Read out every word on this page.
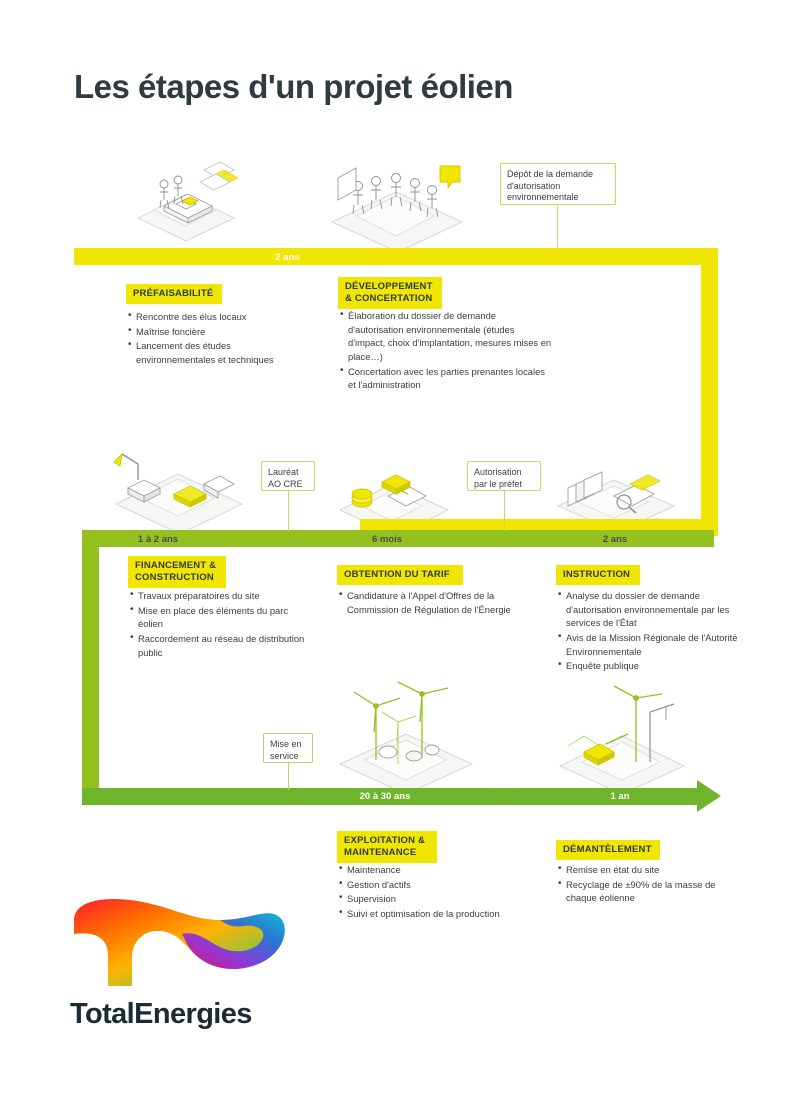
Les étapes d'un projet éolien
2 ans
1 à 2 ans	6 mois	2 ans
20 à 30 ans	1 an
Dépôt de la demande d'autorisation environnementale
Lauréat
AO CRE
Autorisation
par le préfet
Mise en
service
PRÉFAISABILITÉ
• Rencontre des élus locaux
• Maîtrise foncière
• Lancement des études environnementales et techniques
DÉVELOPPEMENT
& CONCERTATION
• Élaboration du dossier de demande d'autorisation environnementale (études d'impact, choix d'implantation, mesures mises en place…)
• Concertation avec les parties prenantes locales et l'administration
FINANCEMENT &
CONSTRUCTION
• Travaux préparatoires du site
• Mise en place des éléments du parc éolien
• Raccordement au réseau de distribution public
OBTENTION DU TARIF
• Candidature à l'Appel d'Offres de la Commission de Régulation de l'Énergie
INSTRUCTION
• Analyse du dossier de demande d'autorisation environnementale par les services de l'État
• Avis de la Mission Régionale de l'Autorité Environnementale
• Enquête publique
EXPLOITATION &
MAINTENANCE
• Maintenance
• Gestion d'actifs
• Supervision
• Suivi et optimisation de la production
DÉMANTÈLEMENT
• Remise en état du site
• Recyclage de ±90% de la masse de chaque éolienne
TotalEnergies
